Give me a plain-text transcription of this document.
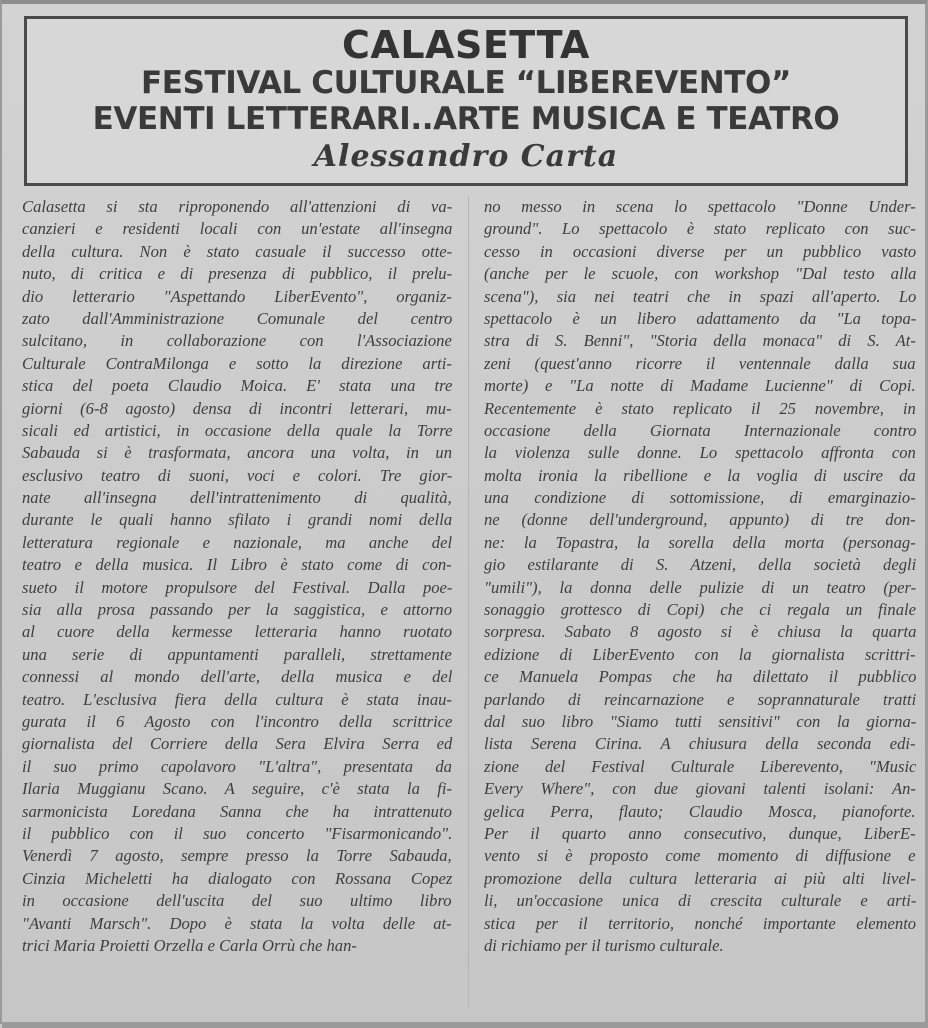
CALASETTA
FESTIVAL CULTURALE “LIBEREVENTO”
EVENTI LETTERARI..ARTE MUSICA E TEATRO
Alessandro Carta
Calasetta si sta riproponendo all'attenzioni di va-
canzieri e residenti locali con un'estate all'insegna
della cultura. Non è stato casuale il successo otte-
nuto, di critica e di presenza di pubblico, il prelu-
dio letterario "Aspettando LiberEvento", organiz-
zato dall'Amministrazione Comunale del centro
sulcitano, in collaborazione con l'Associazione
Culturale ContraMilonga e sotto la direzione arti-
stica del poeta Claudio Moica. E' stata una tre
giorni (6-8 agosto) densa di incontri letterari, mu-
sicali ed artistici, in occasione della quale la Torre
Sabauda si è trasformata, ancora una volta, in un
esclusivo teatro di suoni, voci e colori. Tre gior-
nate all'insegna dell'intrattenimento di qualità,
durante le quali hanno sfilato i grandi nomi della
letteratura regionale e nazionale, ma anche del
teatro e della musica. Il Libro è stato come di con-
sueto il motore propulsore del Festival. Dalla poe-
sia alla prosa passando per la saggistica, e attorno
al cuore della kermesse letteraria hanno ruotato
una serie di appuntamenti paralleli, strettamente
connessi al mondo dell'arte, della musica e del
teatro. L'esclusiva fiera della cultura è stata inau-
gurata il 6 Agosto con l'incontro della scrittrice
giornalista del Corriere della Sera Elvira Serra ed
il suo primo capolavoro "L'altra", presentata da
Ilaria Muggianu Scano. A seguire, c'è stata la fi-
sarmonicista Loredana Sanna che ha intrattenuto
il pubblico con il suo concerto "Fisarmonicando".
Venerdì 7 agosto, sempre presso la Torre Sabauda,
Cinzia Micheletti ha dialogato con Rossana Copez
in occasione dell'uscita del suo ultimo libro
"Avanti Marsch". Dopo è stata la volta delle at-
trici Maria Proietti Orzella e Carla Orrù che han-
no messo in scena lo spettacolo "Donne Under-
ground". Lo spettacolo è stato replicato con suc-
cesso in occasioni diverse per un pubblico vasto
(anche per le scuole, con workshop "Dal testo alla
scena"), sia nei teatri che in spazi all'aperto. Lo
spettacolo è un libero adattamento da "La topa-
stra di S. Benni", "Storia della monaca" di S. At-
zeni (quest'anno ricorre il ventennale dalla sua
morte) e "La notte di Madame Lucienne" di Copi.
Recentemente è stato replicato il 25 novembre, in
occasione della Giornata Internazionale contro
la violenza sulle donne. Lo spettacolo affronta con
molta ironia la ribellione e la voglia di uscire da
una condizione di sottomissione, di emarginazio-
ne (donne dell'underground, appunto) di tre don-
ne: la Topastra, la sorella della morta (personag-
gio estilarante di S. Atzeni, della società degli
"umili"), la donna delle pulizie di un teatro (per-
sonaggio grottesco di Copi) che ci regala un finale
sorpresa. Sabato 8 agosto si è chiusa la quarta
edizione di LiberEvento con la giornalista scrittri-
ce Manuela Pompas che ha dilettato il pubblico
parlando di reincarnazione e soprannaturale tratti
dal suo libro "Siamo tutti sensitivi" con la giorna-
lista Serena Cirina. A chiusura della seconda edi-
zione del Festival Culturale Liberevento, "Music
Every Where", con due giovani talenti isolani: An-
gelica Perra, flauto; Claudio Mosca, pianoforte.
Per il quarto anno consecutivo, dunque, LiberE-
vento si è proposto come momento di diffusione e
promozione della cultura letteraria ai più alti livel-
li, un'occasione unica di crescita culturale e arti-
stica per il territorio, nonché importante elemento
di richiamo per il turismo culturale.
